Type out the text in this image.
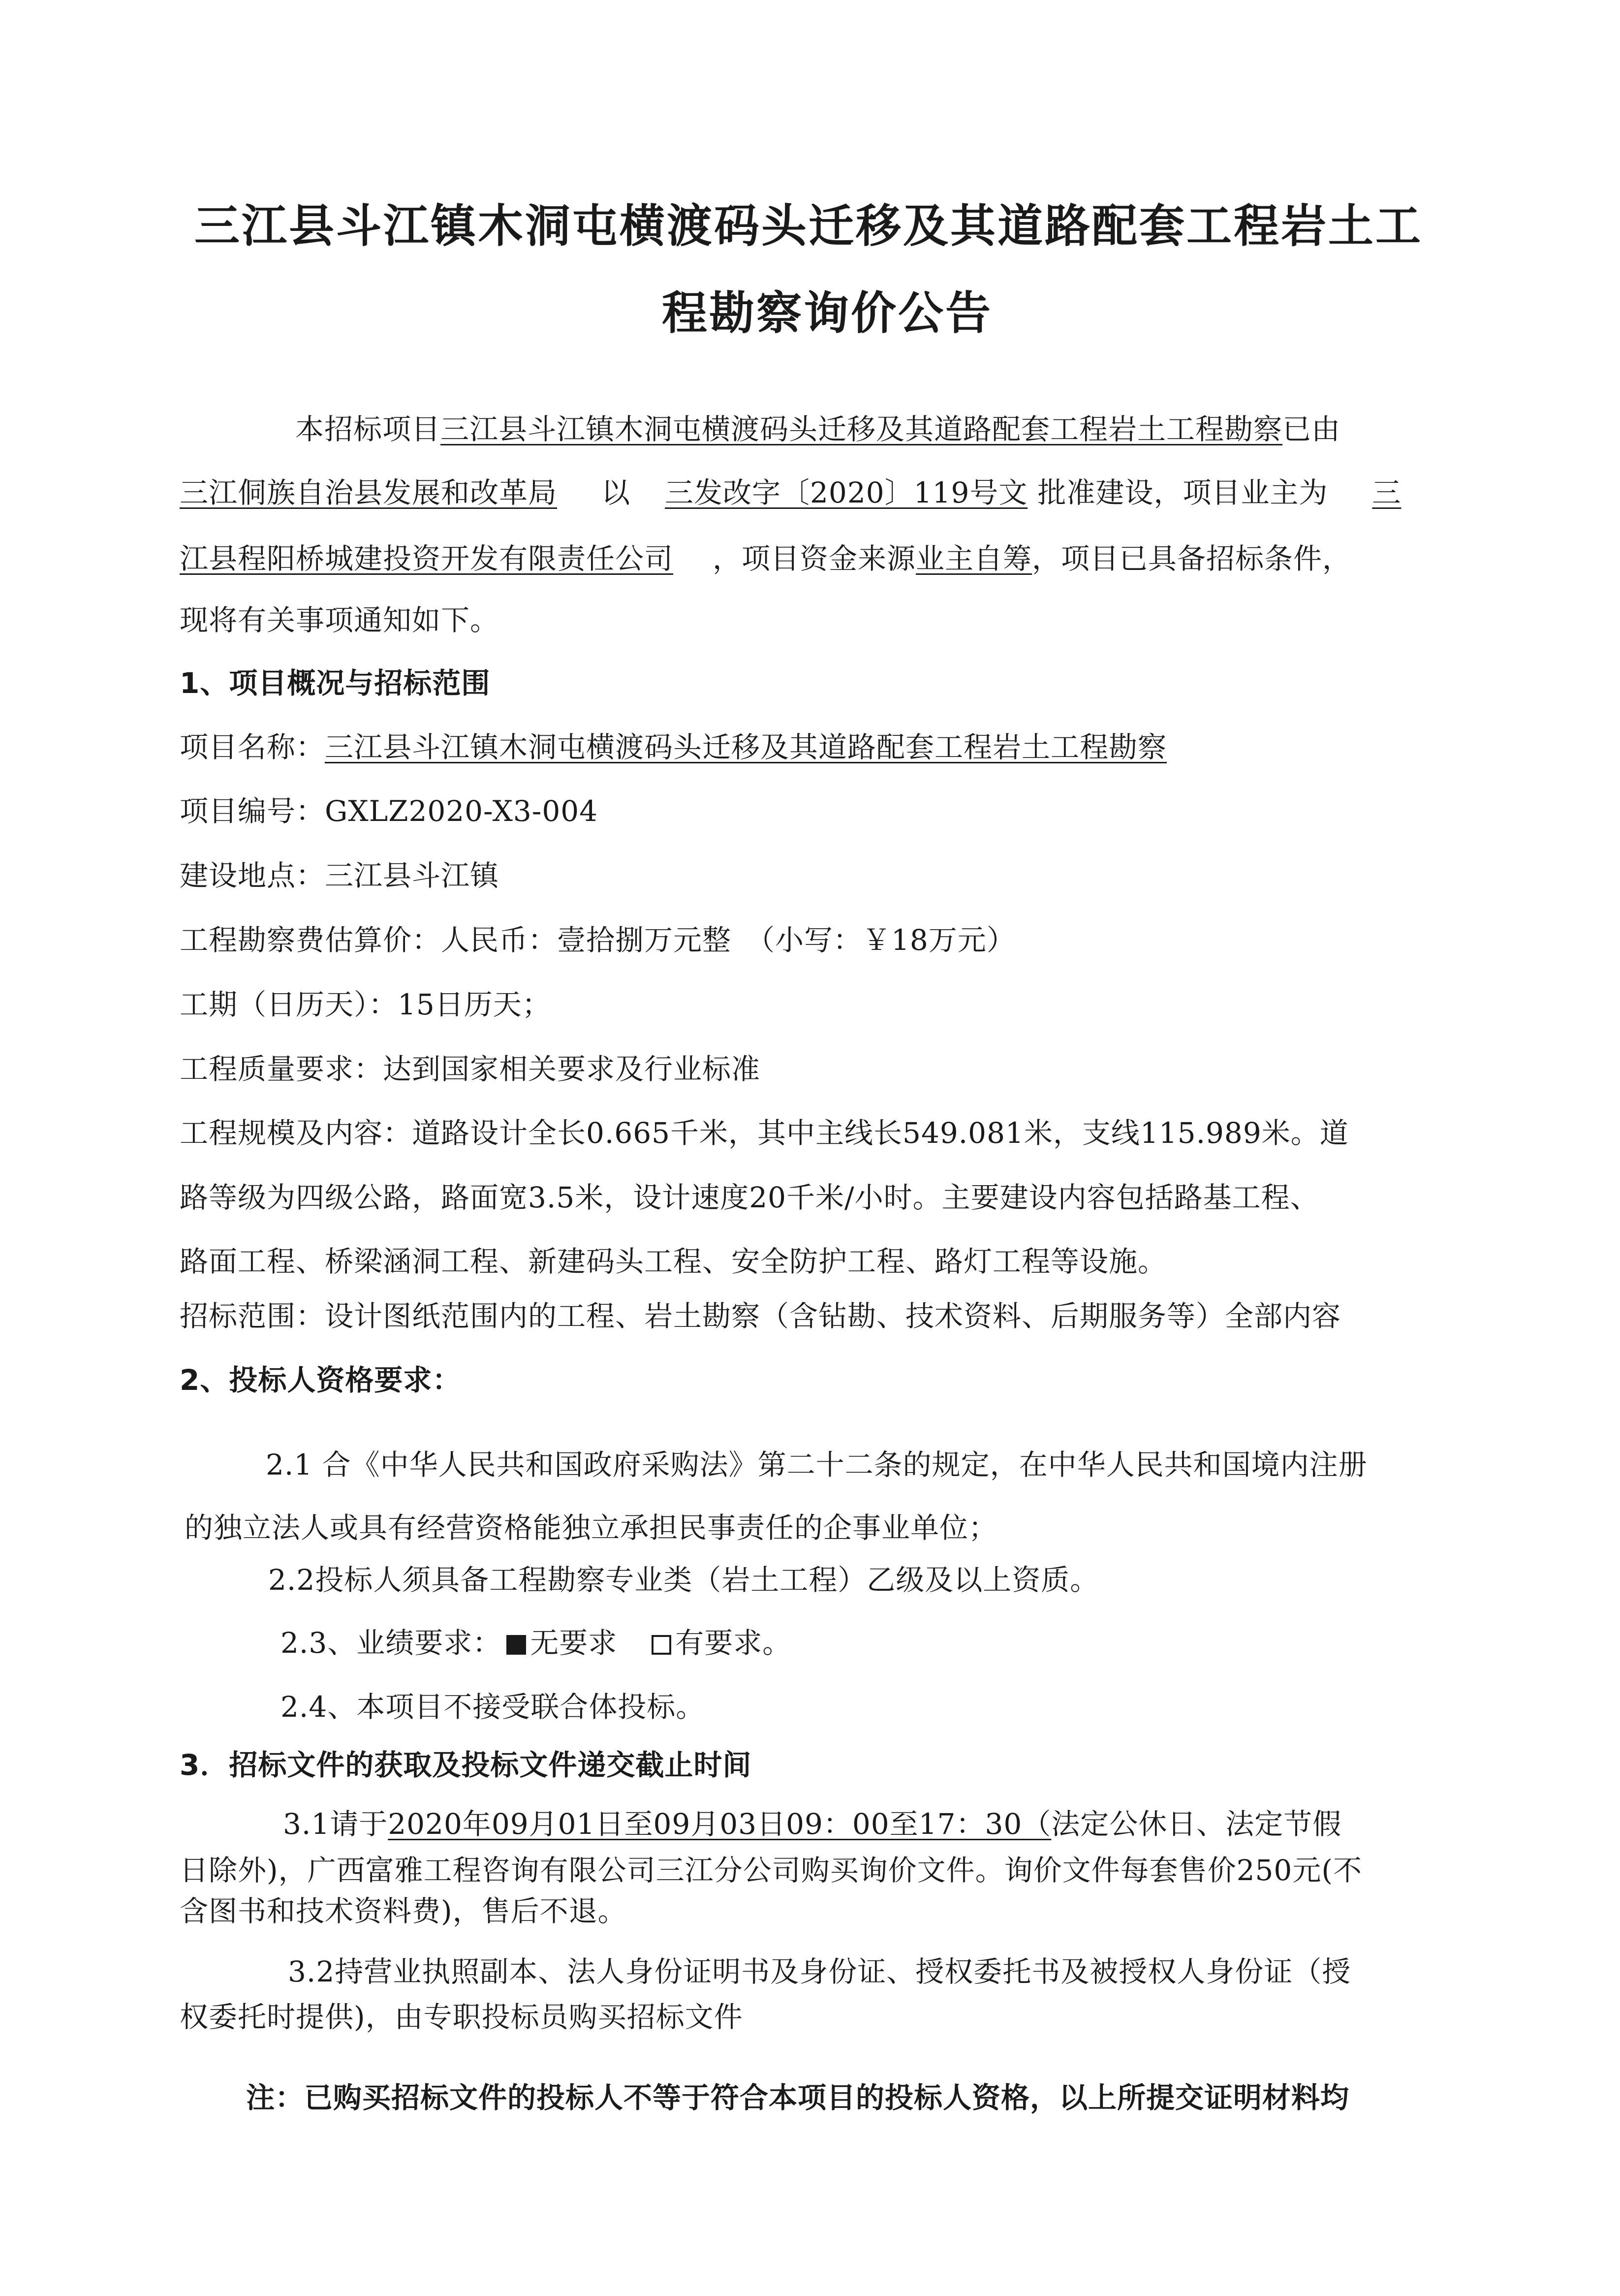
三江县斗江镇木洞屯横渡码头迁移及其道路配套工程岩土工
程勘察询价公告
本招标项目三江县斗江镇木洞屯横渡码头迁移及其道路配套工程岩土工程勘察已由
三江侗族自治县发展和改革局 以 三发改字〔2020〕119号文 批准建设，项目业主为 三
江县程阳桥城建投资开发有限责任公司 ，项目资金来源业主自筹，项目已具备招标条件，
现将有关事项通知如下。
1、项目概况与招标范围
项目名称：三江县斗江镇木洞屯横渡码头迁移及其道路配套工程岩土工程勘察
项目编号：GXLZ2020-X3-004
建设地点：三江县斗江镇
工程勘察费估算价：人民币：壹拾捌万元整　（小写：￥18万元）
工期（日历天）：15日历天；
工程质量要求：达到国家相关要求及行业标准
工程规模及内容：道路设计全长0.665千米，其中主线长549.081米，支线115.989米。道
路等级为四级公路，路面宽3.5米，设计速度20千米/小时。主要建设内容包括路基工程、
路面工程、桥梁涵洞工程、新建码头工程、安全防护工程、路灯工程等设施。
招标范围：设计图纸范围内的工程、岩土勘察（含钻勘、技术资料、后期服务等）全部内容
2、投标人资格要求：
2.1 合《中华人民共和国政府采购法》第二十二条的规定，在中华人民共和国境内注册
的独立法人或具有经营资格能独立承担民事责任的企事业单位；
2.2投标人须具备工程勘察专业类（岩土工程）乙级及以上资质。
2.3、业绩要求： 无要求 有要求。
2.4、本项目不接受联合体投标。
3．招标文件的获取及投标文件递交截止时间
3.1请于2020年09月01日至09月03日09：00至17：30（法定公休日、法定节假
日除外)，广西富雅工程咨询有限公司三江分公司购买询价文件。询价文件每套售价250元(不
含图书和技术资料费)，售后不退。
3.2持营业执照副本、法人身份证明书及身份证、授权委托书及被授权人身份证（授
权委托时提供)，由专职投标员购买招标文件
注：已购买招标文件的投标人不等于符合本项目的投标人资格，以上所提交证明材料均
